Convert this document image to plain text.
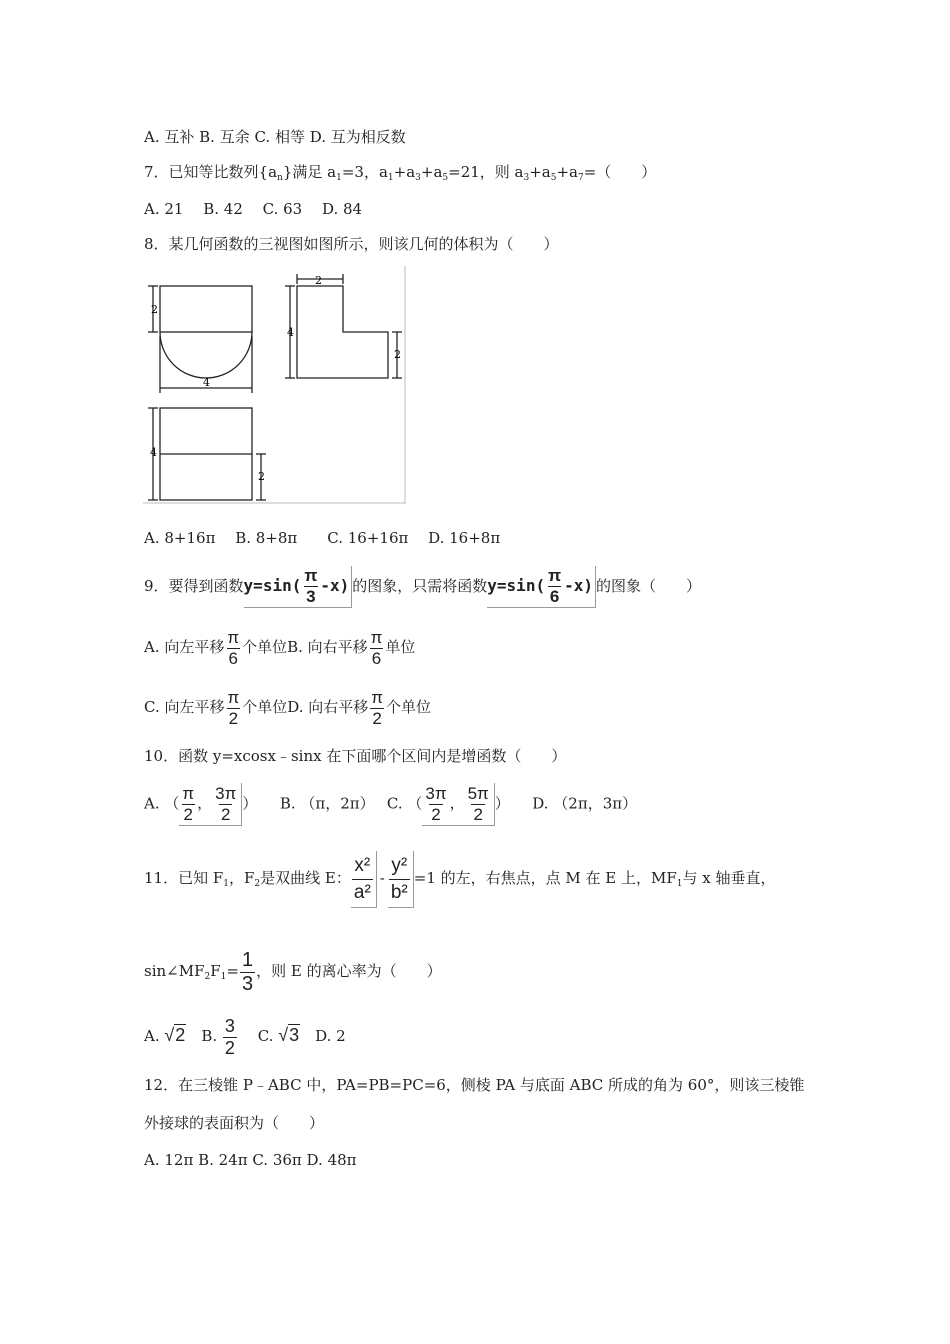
A. 互补 B. 互余 C. 相等 D. 互为相反数
7．已知等比数列$\{a_n\}$满足 $a_1=3$，$a_1+a_3+a_5=21$，则 $a_3+a_5+a_7=$（　　）
A. 21　 B. 42　 C. 63　 D. 84
8．某几何函数的三视图如图所示，则该几何的体积为（　　）
2
4
2
4
2
4
2
A. 8+16π　 B. 8+8π　　C. 16+16π　 D. 16+8π
9．要得到函数$y=\sin( \frac{\pi}{3} -x)$ 的图象，只需将函数$y=\sin( \frac{\pi}{6} -x)$ 的图象（　　）
A. 向左平移 $\frac{\pi}{6}$ 个单位B. 向右平移 $\frac{\pi}{6}$ 单位
C. 向左平移 $\frac{\pi}{2}$ 个单位D. 向右平移 $\frac{\pi}{2}$ 个单位
10．函数 y=xcosx﹣sinx 在下面哪个区间内是增函数（　　）
A. （ $\frac{\pi}{2}$ ， $\frac{3\pi}{2}$ ）　　B. （π，2π）　 C. （ $\frac{3\pi}{2}$ ， $\frac{5\pi}{2}$ ）　　D. （2π，3π）
11．已知 $F_1$，$F_2$是双曲线 E： $\frac{\text{x²}}{\text{a²}} - \frac{\text{y²}}{\text{b²}} =1$ 的左，右焦点，点 M 在 E 上，$MF_1$与 x 轴垂直，
$\sin\angle MF_2F_1= \frac{1}{3}$ ，则 E 的离心率为（　　）
A. √2　 B. $\frac{3}{2}$
　 C. √3　 D. 2
12．在三棱锥 P﹣ABC 中，PA=PB=PC=6，侧棱 PA 与底面 ABC 所成的角为 60°，则该三棱锥
外接球的表面积为（　　）
A. 12π B. 24π C. 36π D. 48π
